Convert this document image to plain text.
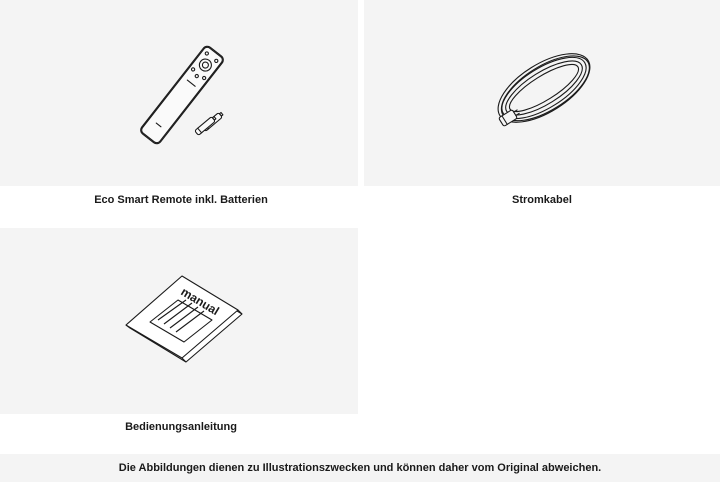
Eco Smart Remote inkl. Batterien	Stromkabel
manual
Bedienungsanleitung
Die Abbildungen dienen zu Illustrationszwecken und können daher vom Original abweichen.
